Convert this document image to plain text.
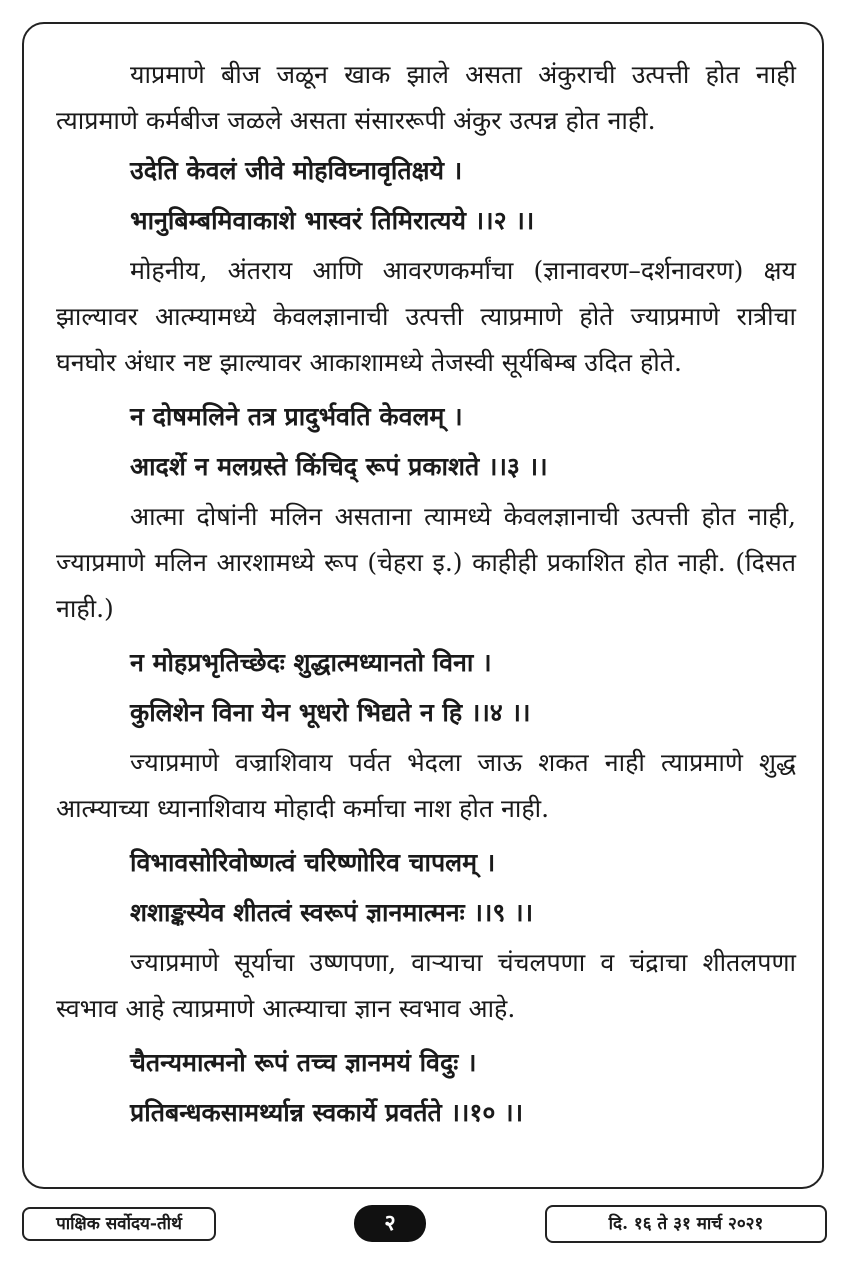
याप्रमाणे बीज जळून खाक झाले असता अंकुराची उत्पत्ती होत नाही त्याप्रमाणे कर्मबीज जळले असता संसाररूपी अंकुर उत्पन्न होत नाही.

उदेति केवलं जीवे मोहविघ्नावृतिक्षये ।

भानुबिम्बमिवाकाशे भास्वरं तिमिरात्यये ।।२ ।।

मोहनीय, अंतराय आणि आवरणकर्मांचा (ज्ञानावरण–दर्शनावरण) क्षय झाल्यावर आत्म्यामध्ये केवलज्ञानाची उत्पत्ती त्याप्रमाणे होते ज्याप्रमाणे रात्रीचा घनघोर अंधार नष्ट झाल्यावर आकाशामध्ये तेजस्वी सूर्यबिम्ब उदित होते.

न दोषमलिने तत्र प्रादुर्भवति केवलम् ।

आदर्शे न मलग्रस्ते किंचिद् रूपं प्रकाशते ।।३ ।।

आत्मा दोषांनी मलिन असताना त्यामध्ये केवलज्ञानाची उत्पत्ती होत नाही, ज्याप्रमाणे मलिन आरशामध्ये रूप (चेहरा इ.) काहीही प्रकाशित होत नाही. (दिसत नाही.)

न मोहप्रभृतिच्छेदः शुद्धात्मध्यानतो विना ।

कुलिशेन विना येन भूधरो भिद्यते न हि ।।४ ।।

ज्याप्रमाणे वज्राशिवाय पर्वत भेदला जाऊ शकत नाही त्याप्रमाणे शुद्ध आत्म्याच्या ध्यानाशिवाय मोहादी कर्माचा नाश होत नाही.

विभावसोरिवोष्णत्वं चरिष्णोरिव चापलम् ।

शशाङ्कस्येव शीतत्वं स्वरूपं ज्ञानमात्मनः ।।९ ।।

ज्याप्रमाणे सूर्याचा उष्णपणा, वाऱ्याचा चंचलपणा व चंद्राचा शीतलपणा स्वभाव आहे त्याप्रमाणे आत्म्याचा ज्ञान स्वभाव आहे.

चैतन्यमात्मनो रूपं तच्च ज्ञानमयं विदुः ।

प्रतिबन्धकसामर्थ्यान्न स्वकार्ये प्रवर्तते ।।१० ।।

पाक्षिक सर्वोदय-तीर्थ	२	दि. १६ ते ३१ मार्च २०२१
